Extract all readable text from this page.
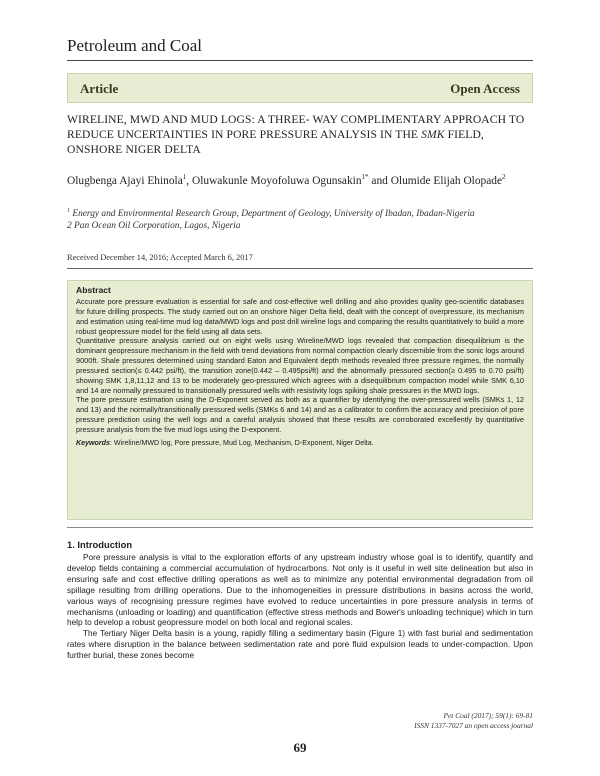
Petroleum and Coal
Article	Open Access
WIRELINE, MWD AND MUD LOGS: A THREE- WAY COMPLIMENTARY APPROACH TO REDUCE UNCERTAINTIES IN PORE PRESSURE ANALYSIS IN THE SMK FIELD, ONSHORE NIGER DELTA
Olugbenga Ajayi Ehinola$^1$, Oluwakunle Moyofoluwa Ogunsakin$^{1*}$ and Olumide Elijah Olopade$^2$
$^1$ Energy and Environmental Research Group, Department of Geology, University of Ibadan, Ibadan-Nigeria
2 Pan Ocean Oil Corporation, Lagos, Nigeria
Received December 14, 2016; Accepted March 6, 2017
Abstract

Accurate pore pressure evaluation is essential for safe and cost-effective well drilling and also provides quality geo-scientific databases for future drilling prospects. The study carried out on an onshore Niger Delta field, dealt with the concept of overpressure, its mechanism and estimation using real-time mud log data/MWD logs and post drill wireline logs and comparing the results quantitatively to build a more robust geopressure model for the field using all data sets.

Quantitative pressure analysis carried out on eight wells using Wireline/MWD logs revealed that compaction disequilibrium is the dominant geopressure mechanism in the field with trend deviations from normal compaction clearly discernible from the sonic logs around 9000ft. Shale pressures determined using standard Eaton and Equivalent depth methods revealed three pressure regimes, the normally pressured section(≤ 0.442 psi/ft), the transition zone(0.442 – 0.495psi/ft) and the abnormally pressured section(≥ 0.495 to 0.70 psi/ft) showing SMK 1,8,11,12 and 13 to be moderately geo-pressured which agrees with a disequilibrium compaction model while SMK 6,10 and 14 are normally pressured to transitionally pressured wells with resistivity logs spiking shale pressures in the MWD logs.

The pore pressure estimation using the D-Exponent served as both as a quantifier by identifying the over-pressured wells (SMKs 1, 12 and 13) and the normally/transitionally pressured wells (SMKs 6 and 14) and as a calibrator to confirm the accuracy and precision of pore pressure prediction using the well logs and a careful analysis showed that these results are corroborated excellently by quantitative pressure analysis from the five mud logs using the D-exponent.

Keywords: Wireline/MWD log, Pore pressure, Mud Log, Mechanism, D-Exponent, Niger Delta.
1. Introduction

Pore pressure analysis is vital to the exploration efforts of any upstream industry whose goal is to identify, quantify and develop fields containing a commercial accumulation of hydrocarbons. Not only is it useful in well site delineation but also in ensuring safe and cost effective drilling operations as well as to minimize any potential environmental degradation from oil spillage resulting from drilling operations. Due to the inhomogeneities in pressure distributions in basins across the world, various ways of recognising pressure regimes have evolved to reduce uncertainties in pore pressure analysis in terms of mechanisms (unloading or loading) and quantification (effective stress methods and Bower's unloading technique) which in turn help to develop a robust geopressure model on both local and regional scales.

The Tertiary Niger Delta basin is a young, rapidly filling a sedimentary basin (Figure 1) with fast burial and sedimentation rates where disruption in the balance between sedimentation rate and pore fluid expulsion leads to under-compaction. Upon further burial, these zones become

Pet Coal (2017); 59(1): 69-81
ISSN 1337-7027 an open access journal
69
